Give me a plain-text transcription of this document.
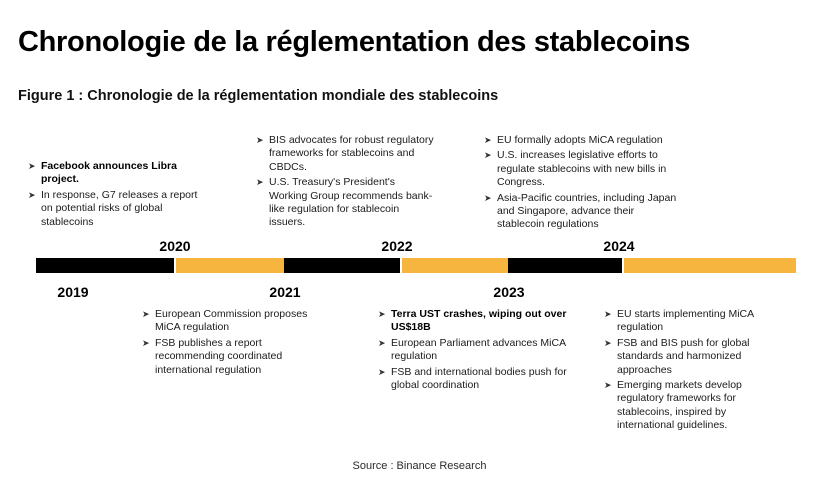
Chronologie de la réglementation des stablecoins
Figure 1 : Chronologie de la réglementation mondiale des stablecoins
2019
2020
2021
2022
2023
2024
➤ Facebook announces Libra project.
➤ In response, G7 releases a report on potential risks of global stablecoins
➤ BIS advocates for robust regulatory frameworks for stablecoins and CBDCs.
➤ U.S. Treasury's President's Working Group recommends bank-like regulation for stablecoin issuers.
➤ EU formally adopts MiCA regulation
➤ U.S. increases legislative efforts to regulate stablecoins with new bills in Congress.
➤ Asia-Pacific countries, including Japan and Singapore, advance their stablecoin regulations
➤ European Commission proposes MiCA regulation
➤ FSB publishes a report recommending coordinated international regulation
➤ Terra UST crashes, wiping out over US$18B
➤ European Parliament advances MiCA regulation
➤ FSB and international bodies push for global coordination
➤ EU starts implementing MiCA regulation
➤ FSB and BIS push for global standards and harmonized approaches
➤ Emerging markets develop regulatory frameworks for stablecoins, inspired by international guidelines.
Source : Binance Research
